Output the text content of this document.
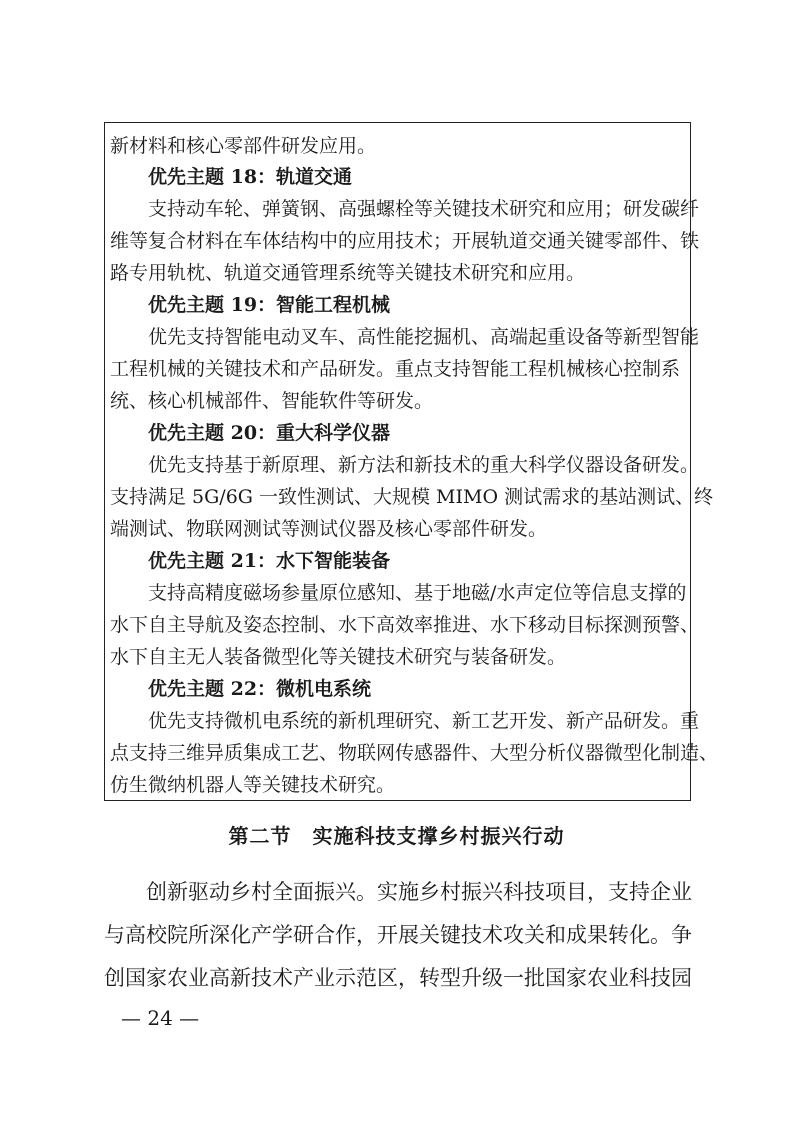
新材料和核心零部件研发应用。
　　优先主题 18：轨道交通
　　支持动车轮、弹簧钢、高强螺栓等关键技术研究和应用；研发碳纤
维等复合材料在车体结构中的应用技术；开展轨道交通关键零部件、铁
路专用轨枕、轨道交通管理系统等关键技术研究和应用。
　　优先主题 19：智能工程机械
　　优先支持智能电动叉车、高性能挖掘机、高端起重设备等新型智能
工程机械的关键技术和产品研发。重点支持智能工程机械核心控制系
统、核心机械部件、智能软件等研发。
　　优先主题 20：重大科学仪器
　　优先支持基于新原理、新方法和新技术的重大科学仪器设备研发。
支持满足 5G/6G 一致性测试、大规模 MIMO 测试需求的基站测试、终
端测试、物联网测试等测试仪器及核心零部件研发。
　　优先主题 21：水下智能装备
　　支持高精度磁场参量原位感知、基于地磁/水声定位等信息支撑的
水下自主导航及姿态控制、水下高效率推进、水下移动目标探测预警、
水下自主无人装备微型化等关键技术研究与装备研发。
　　优先主题 22：微机电系统
　　优先支持微机电系统的新机理研究、新工艺开发、新产品研发。重
点支持三维异质集成工艺、物联网传感器件、大型分析仪器微型化制造、
仿生微纳机器人等关键技术研究。
第二节　实施科技支撑乡村振兴行动
　　创新驱动乡村全面振兴。实施乡村振兴科技项目，支持企业
与高校院所深化产学研合作，开展关键技术攻关和成果转化。争
创国家农业高新技术产业示范区，转型升级一批国家农业科技园
— 24 —
